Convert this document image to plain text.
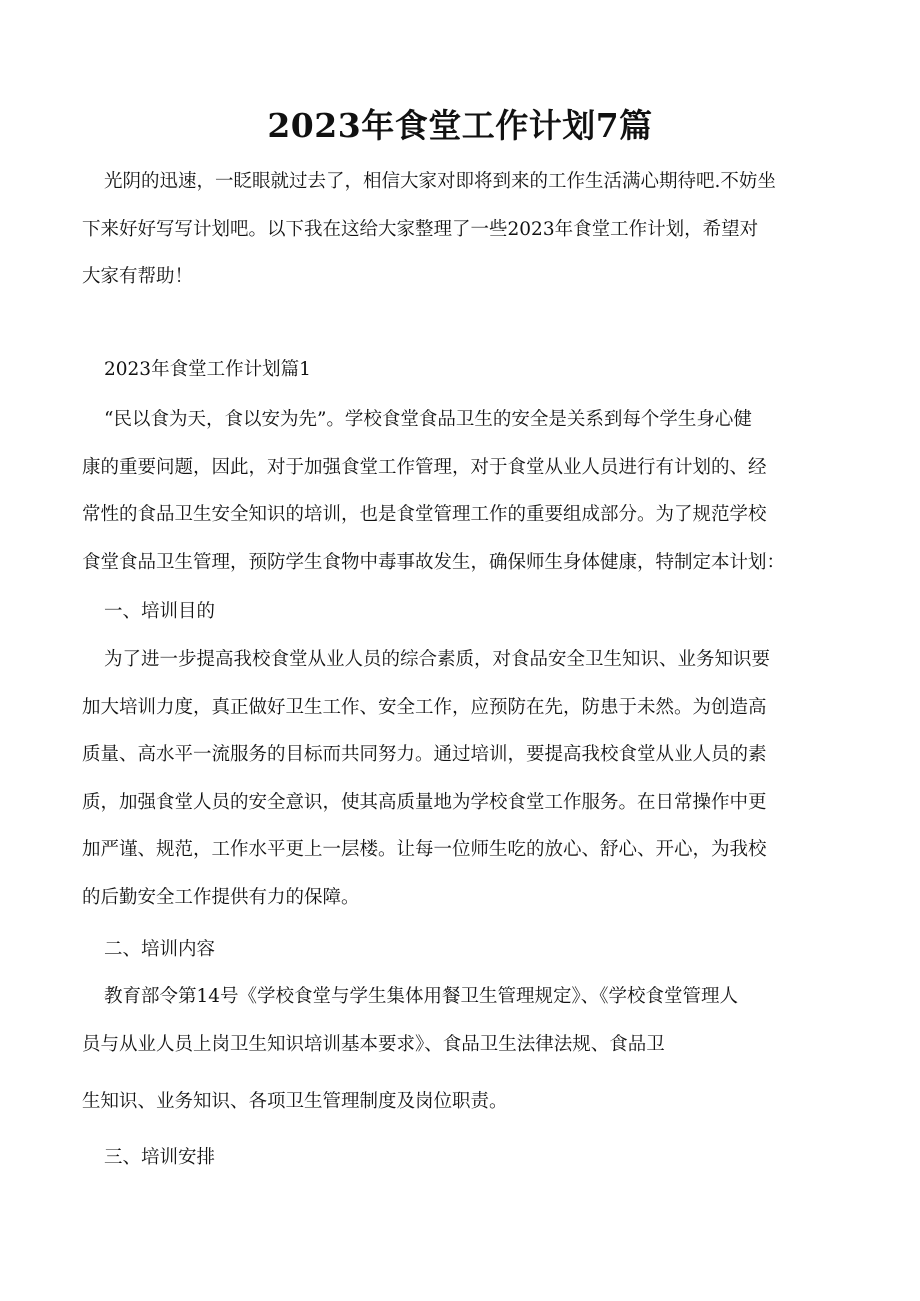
2023年食堂工作计划7篇
光阴的迅速，一眨眼就过去了，相信大家对即将到来的工作生活满心期待吧.不妨坐
下来好好写写计划吧。以下我在这给大家整理了一些2023年食堂工作计划，希望对
大家有帮助！
2023年食堂工作计划篇1
“民以食为天，食以安为先”。学校食堂食品卫生的安全是关系到每个学生身心健
康的重要问题，因此，对于加强食堂工作管理，对于食堂从业人员进行有计划的、经
常性的食品卫生安全知识的培训，也是食堂管理工作的重要组成部分。为了规范学校
食堂食品卫生管理，预防学生食物中毒事故发生，确保师生身体健康，特制定本计划：
一、培训目的
为了进一步提高我校食堂从业人员的综合素质，对食品安全卫生知识、业务知识要
加大培训力度，真正做好卫生工作、安全工作，应预防在先，防患于未然。为创造高
质量、高水平一流服务的目标而共同努力。通过培训，要提高我校食堂从业人员的素
质，加强食堂人员的安全意识，使其高质量地为学校食堂工作服务。在日常操作中更
加严谨、规范，工作水平更上一层楼。让每一位师生吃的放心、舒心、开心，为我校
的后勤安全工作提供有力的保障。
二、培训内容
教育部令第14号《学校食堂与学生集体用餐卫生管理规定》、《学校食堂管理人
员与从业人员上岗卫生知识培训基本要求》、食品卫生法律法规、食品卫
生知识、业务知识、各项卫生管理制度及岗位职责。
三、培训安排
